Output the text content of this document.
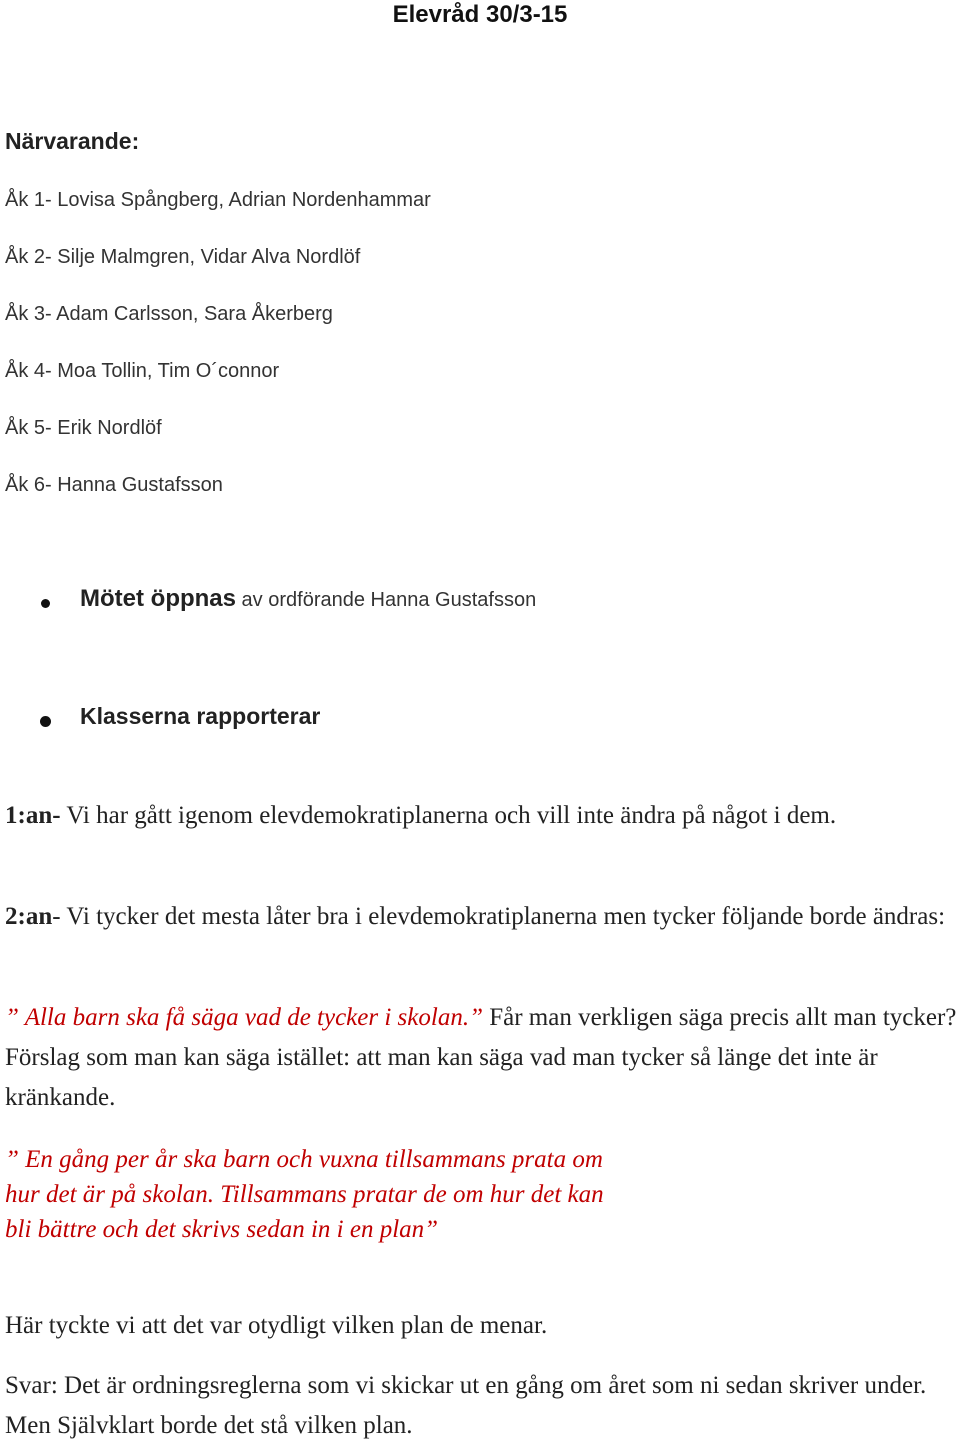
Elevråd 30/3-15
Närvarande:
Åk 1- Lovisa Spångberg, Adrian Nordenhammar
Åk 2- Silje Malmgren, Vidar Alva Nordlöf
Åk 3- Adam Carlsson, Sara Åkerberg
Åk 4- Moa Tollin, Tim O´connor
Åk 5- Erik Nordlöf
Åk 6- Hanna Gustafsson
Mötet öppnas av ordförande Hanna Gustafsson
Klasserna rapporterar
1:an- Vi har gått igenom elevdemokratiplanerna och vill inte ändra på något i dem.
2:an- Vi tycker det mesta låter bra i elevdemokratiplanerna men tycker följande borde ändras:
” Alla barn ska få säga vad de tycker i skolan.” Får man verkligen säga precis allt man tycker? Förslag som man kan säga istället: att man kan säga vad man tycker så länge det inte är kränkande.
” En gång per år ska barn och vuxna tillsammans prata om hur det är på skolan. Tillsammans pratar de om hur det kan bli bättre och det skrivs sedan in i en plan”
Här tyckte vi att det var otydligt vilken plan de menar.
Svar: Det är ordningsreglerna som vi skickar ut en gång om året som ni sedan skriver under. Men Självklart borde det stå vilken plan.
